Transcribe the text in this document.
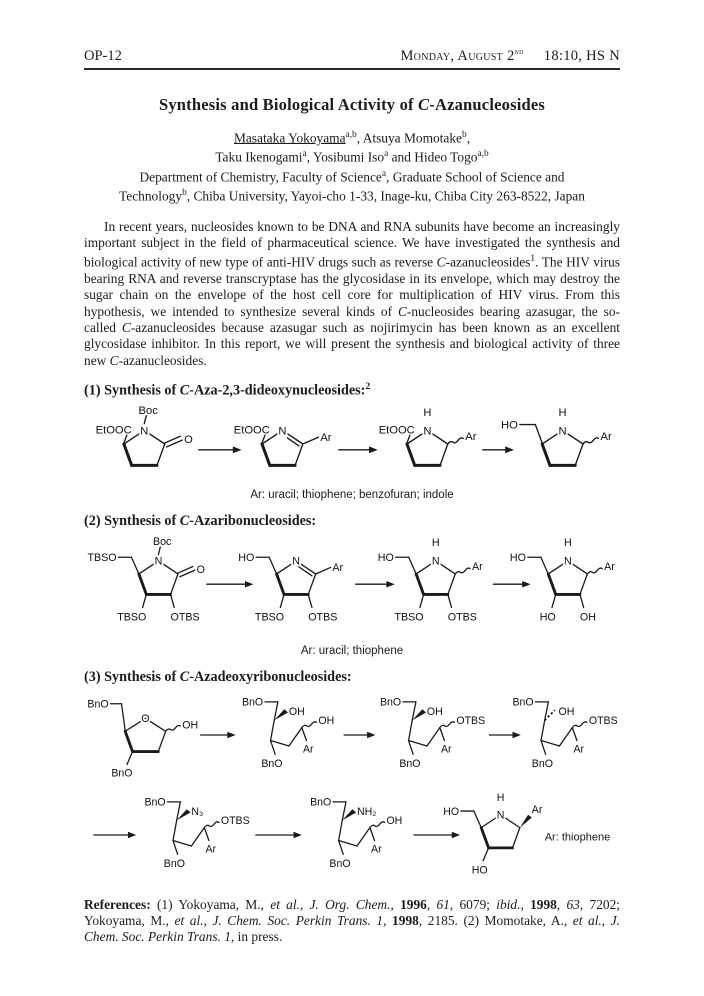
OP-12	Monday, August 2nd 18:10, HS N
Synthesis and Biological Activity of C-Azanucleosides
Masataka Yokoyama$^{a,b}$, Atsuya Momotake$^b$,
Taku Ikenogami$^a$, Yosibumi Iso$^a$ and Hideo Togo$^{a,b}$
Department of Chemistry, Faculty of Science$^a$, Graduate School of Science and
Technology$^b$, Chiba University, Yayoi-cho 1-33, Inage-ku, Chiba City 263-8522, Japan

In recent years, nucleosides known to be DNA and RNA subunits have become an increasingly important subject in the field of pharmaceutical science. We have investigated the synthesis and biological activity of new type of anti-HIV drugs such as reverse C-azanucleosides$^1$. The HIV virus bearing RNA and reverse transcryptase has the glycosidase in its envelope, which may destroy the sugar chain on the envelope of the host cell core for multiplication of HIV virus. From this hypothesis, we intended to synthesize several kinds of C-nucleosides bearing azasugar, the so-called C-azanucleosides because azasugar such as nojirimycin has been known as an excellent glycosidase inhibitor. In this report, we will present the synthesis and biological activity of three new C-azanucleosides.

(1) Synthesis of C-Aza-2,3-dideoxynucleosides:$^2$
Boc
N
EtOOC
O
N
EtOOC
Ar
H
N
EtOOC
Ar
H
N
HO
Ar
Ar: uracil; thiophene; benzofuran; indole
(2) Synthesis of C-Azaribonucleosides:
Boc
N
TBSO
O
TBSO OTBS
N
HO
Ar
TBSO OTBS
H
N
HO
Ar
TBSO OTBS
H
N
HO
Ar
HO OH
Ar: uracil; thiophene
(3) Synthesis of C-Azadeoxyribonucleosides:
O
OH
BnO
BnO	BnO
OH
BnO
OH
Ar
BnO
OH
BnO
OTBS
Ar
BnO
OH
BnO
OTBS
Ar
BnO
N₃
BnO
OTBS
Ar
BnO
NH₂
BnO
OH
Ar
H
N Ar
HO
HO
Ar: thiophene

References: (1) Yokoyama, M., et al., J. Org. Chem., 1996, 61, 6079; ibid., 1998, 63, 7202; Yokoyama, M., et al., J. Chem. Soc. Perkin Trans. 1, 1998, 2185. (2) Momotake, A., et al., J. Chem. Soc. Perkin Trans. 1, in press.
